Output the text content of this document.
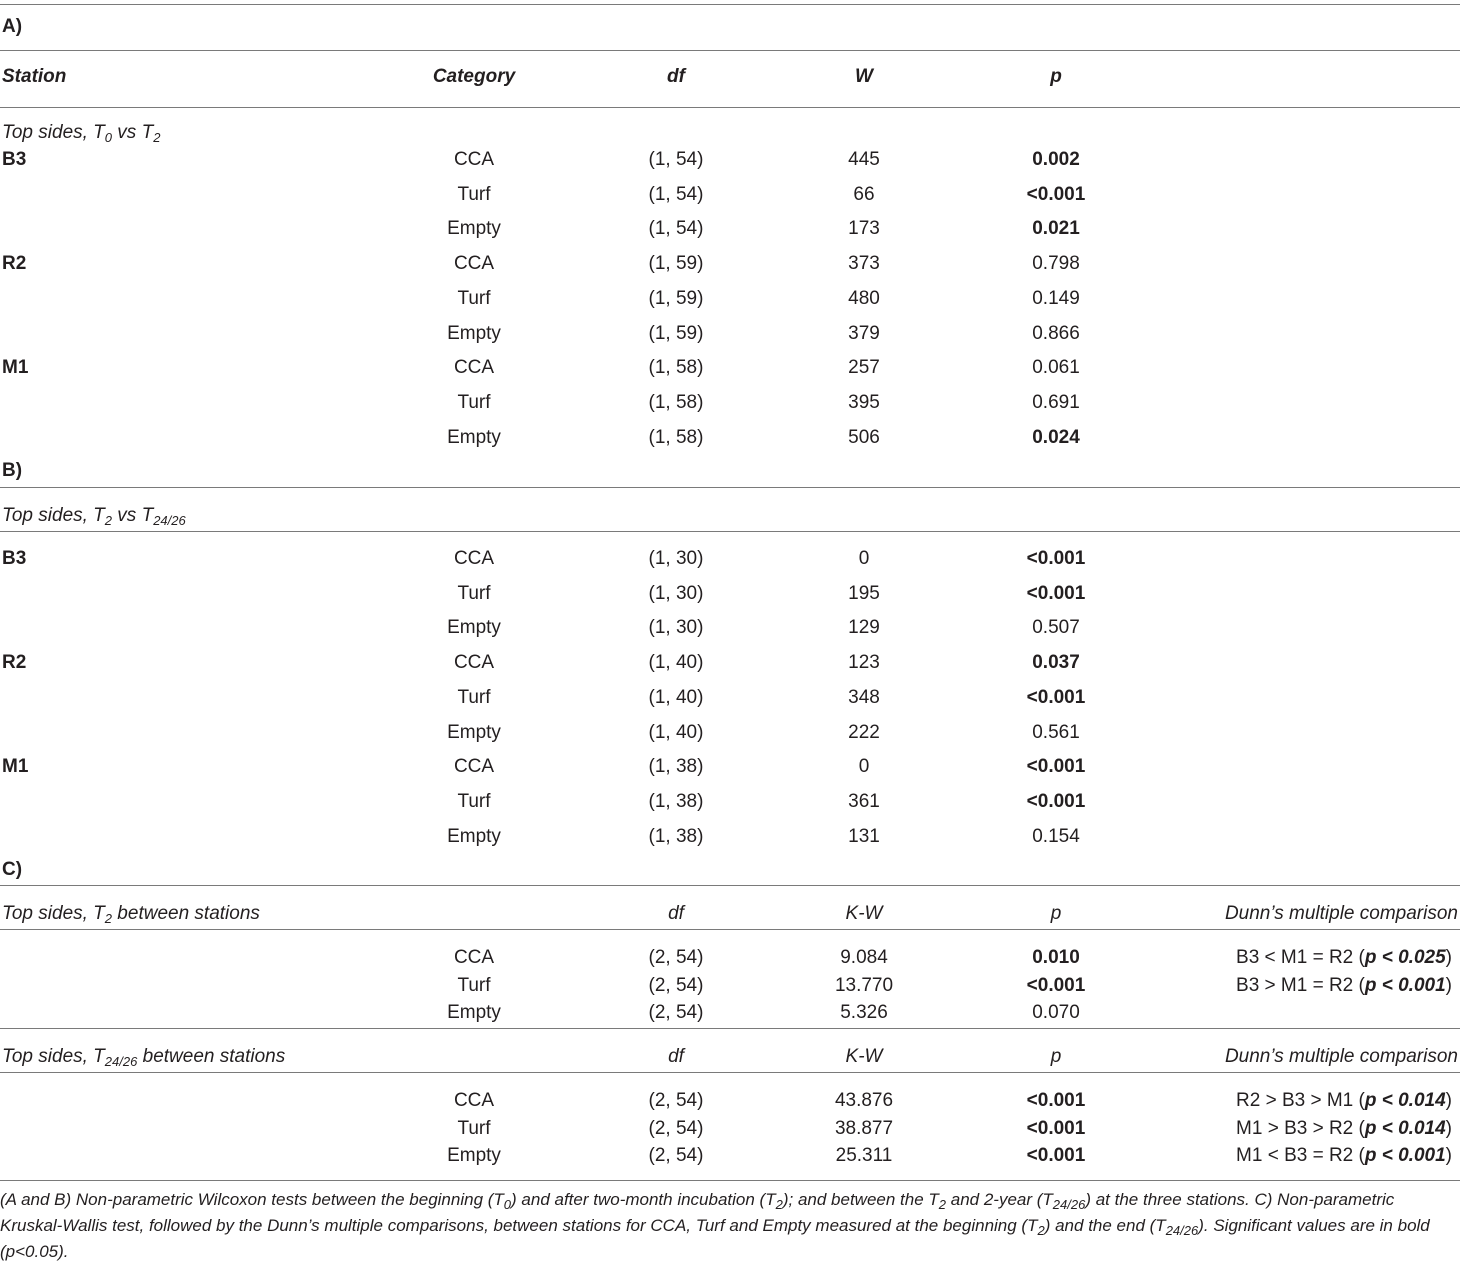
A)
Station	Category	df	W	p
Top sides, $T_0$ vs $T_2$
B3	CCA	(1, 54)	445	0.002
Turf	(1, 54)	66	<0.001
Empty	(1, 54)	173	0.021
R2	CCA	(1, 59)	373	0.798
Turf	(1, 59)	480	0.149
Empty	(1, 59)	379	0.866
M1	CCA	(1, 58)	257	0.061
Turf	(1, 58)	395	0.691
Empty	(1, 58)	506	0.024
B)
Top sides, $T_2$ vs $T_{24/26}$
B3	CCA	(1, 30)	0	<0.001
Turf	(1, 30)	195	<0.001
Empty	(1, 30)	129	0.507
R2	CCA	(1, 40)	123	0.037
Turf	(1, 40)	348	<0.001
Empty	(1, 40)	222	0.561
M1	CCA	(1, 38)	0	<0.001
Turf	(1, 38)	361	<0.001
Empty	(1, 38)	131	0.154
C)
Top sides, $T_2$ between stations	df	K-W	p	Dunn’s multiple comparison
CCA	(2, 54)	9.084	0.010	B3 < M1 = R2 (p < 0.025)
Turf	(2, 54)	13.770	<0.001	B3 > M1 = R2 (p < 0.001)
Empty	(2, 54)	5.326	0.070
Top sides, $T_{24/26}$ between stations	df	K-W	p	Dunn’s multiple comparison
CCA	(2, 54)	43.876	<0.001	R2 > B3 > M1 (p < 0.014)
Turf	(2, 54)	38.877	<0.001	M1 > B3 > R2 (p < 0.014)
Empty	(2, 54)	25.311	<0.001	M1 < B3 = R2 (p < 0.001)
(A and B) Non-parametric Wilcoxon tests between the beginning $(T_0)$ and after two-month incubation $(T_2)$; and between the $T_2$ and 2-year $(T_{24/26})$ at the three stations. C) Non-parametric Kruskal-Wallis test, followed by the Dunn’s multiple comparisons, between stations for CCA, Turf and Empty measured at the beginning $(T_2)$ and the end $(T_{24/26})$. Significant values are in bold (p<0.05).
